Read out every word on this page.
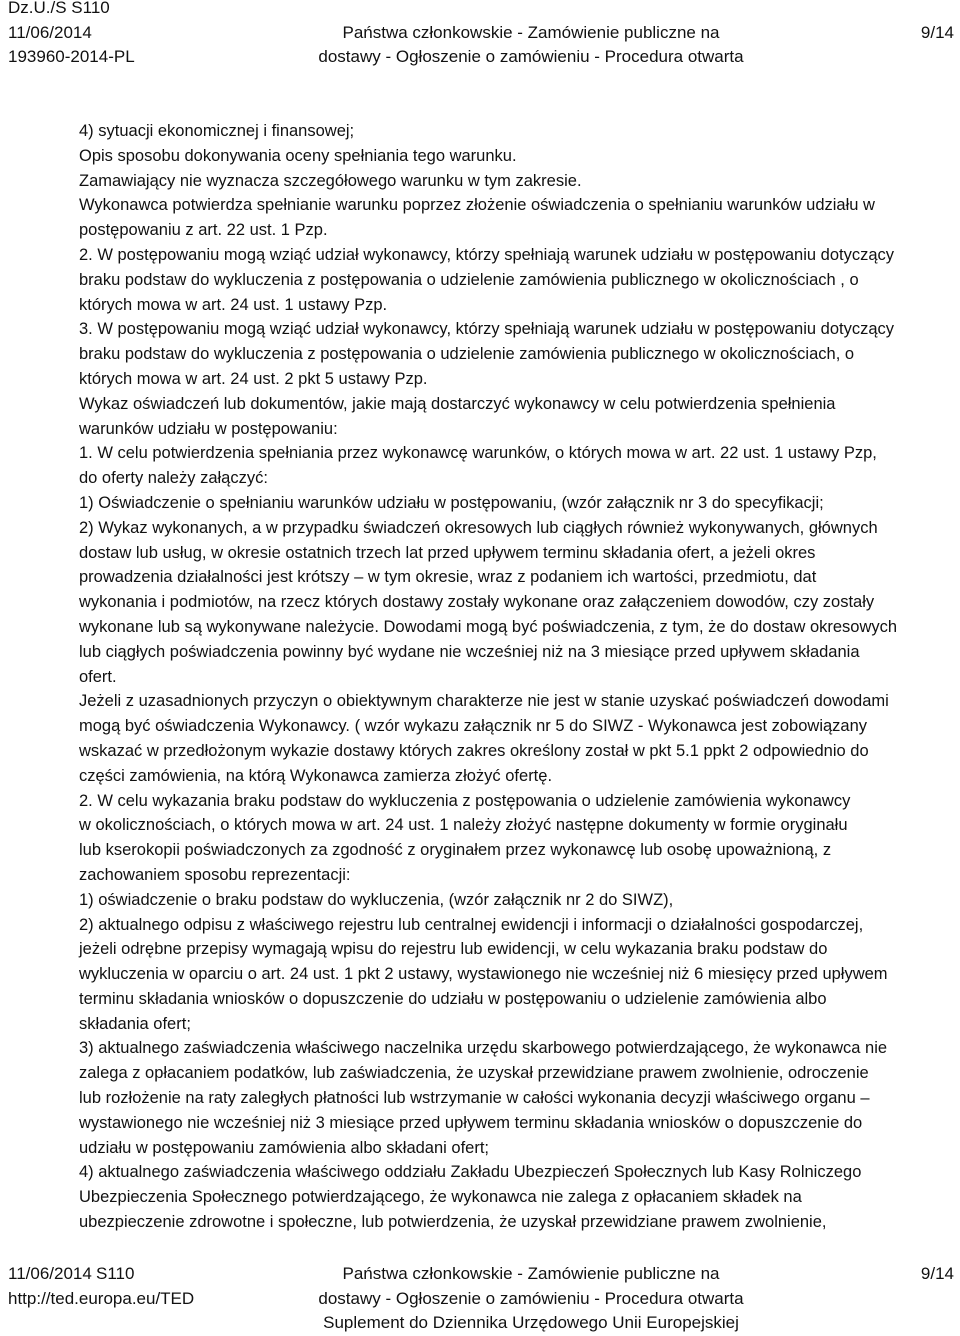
Dz.U./S S110
11/06/2014
193960-2014-PL
Państwa członkowskie - Zamówienie publiczne na
dostawy - Ogłoszenie o zamówieniu - Procedura otwarta
9/14

4) sytuacji ekonomicznej i finansowej;

Opis sposobu dokonywania oceny spełniania tego warunku.

Zamawiający nie wyznacza szczegółowego warunku w tym zakresie.

Wykonawca potwierdza spełnianie warunku poprzez złożenie oświadczenia o spełnianiu warunków udziału w

postępowaniu z art. 22 ust. 1 Pzp.

2. W postępowaniu mogą wziąć udział wykonawcy, którzy spełniają warunek udziału w postępowaniu dotyczący

braku podstaw do wykluczenia z postępowania o udzielenie zamówienia publicznego w okolicznościach , o

których mowa w art. 24 ust. 1 ustawy Pzp.

3. W postępowaniu mogą wziąć udział wykonawcy, którzy spełniają warunek udziału w postępowaniu dotyczący

braku podstaw do wykluczenia z postępowania o udzielenie zamówienia publicznego w okolicznościach, o

których mowa w art. 24 ust. 2 pkt 5 ustawy Pzp.

Wykaz oświadczeń lub dokumentów, jakie mają dostarczyć wykonawcy w celu potwierdzenia spełnienia

warunków udziału w postępowaniu:

1. W celu potwierdzenia spełniania przez wykonawcę warunków, o których mowa w art. 22 ust. 1 ustawy Pzp,

do oferty należy załączyć:

1) Oświadczenie o spełnianiu warunków udziału w postępowaniu, (wzór załącznik nr 3 do specyfikacji;

2) Wykaz wykonanych, a w przypadku świadczeń okresowych lub ciągłych również wykonywanych, głównych

dostaw lub usług, w okresie ostatnich trzech lat przed upływem terminu składania ofert, a jeżeli okres

prowadzenia działalności jest krótszy – w tym okresie, wraz z podaniem ich wartości, przedmiotu, dat

wykonania i podmiotów, na rzecz których dostawy zostały wykonane oraz załączeniem dowodów, czy zostały

wykonane lub są wykonywane należycie. Dowodami mogą być poświadczenia, z tym, że do dostaw okresowych

lub ciągłych poświadczenia powinny być wydane nie wcześniej niż na 3 miesiące przed upływem składania

ofert.

Jeżeli z uzasadnionych przyczyn o obiektywnym charakterze nie jest w stanie uzyskać poświadczeń dowodami

mogą być oświadczenia Wykonawcy. ( wzór wykazu załącznik nr 5 do SIWZ - Wykonawca jest zobowiązany

wskazać w przedłożonym wykazie dostawy których zakres określony został w pkt 5.1 ppkt 2 odpowiednio do

części zamówienia, na którą Wykonawca zamierza złożyć ofertę.

2. W celu wykazania braku podstaw do wykluczenia z postępowania o udzielenie zamówienia wykonawcy

w okolicznościach, o których mowa w art. 24 ust. 1 należy złożyć następne dokumenty w formie oryginału

lub kserokopii poświadczonych za zgodność z oryginałem przez wykonawcę lub osobę upoważnioną, z

zachowaniem sposobu reprezentacji:

1) oświadczenie o braku podstaw do wykluczenia, (wzór załącznik nr 2 do SIWZ),

2) aktualnego odpisu z właściwego rejestru lub centralnej ewidencji i informacji o działalności gospodarczej,

jeżeli odrębne przepisy wymagają wpisu do rejestru lub ewidencji, w celu wykazania braku podstaw do

wykluczenia w oparciu o art. 24 ust. 1 pkt 2 ustawy, wystawionego nie wcześniej niż 6 miesięcy przed upływem

terminu składania wniosków o dopuszczenie do udziału w postępowaniu o udzielenie zamówienia albo

składania ofert;

3) aktualnego zaświadczenia właściwego naczelnika urzędu skarbowego potwierdzającego, że wykonawca nie

zalega z opłacaniem podatków, lub zaświadczenia, że uzyskał przewidziane prawem zwolnienie, odroczenie

lub rozłożenie na raty zaległych płatności lub wstrzymanie w całości wykonania decyzji właściwego organu –

wystawionego nie wcześniej niż 3 miesiące przed upływem terminu składania wniosków o dopuszczenie do

udziału w postępowaniu zamówienia albo składani ofert;

4) aktualnego zaświadczenia właściwego oddziału Zakładu Ubezpieczeń Społecznych lub Kasy Rolniczego

Ubezpieczenia Społecznego potwierdzającego, że wykonawca nie zalega z opłacaniem składek na

ubezpieczenie zdrowotne i społeczne, lub potwierdzenia, że uzyskał przewidziane prawem zwolnienie,

11/06/2014 S110
http://ted.europa.eu/TED
Państwa członkowskie - Zamówienie publiczne na
dostawy - Ogłoszenie o zamówieniu - Procedura otwarta
Suplement do Dziennika Urzędowego Unii Europejskiej
9/14
